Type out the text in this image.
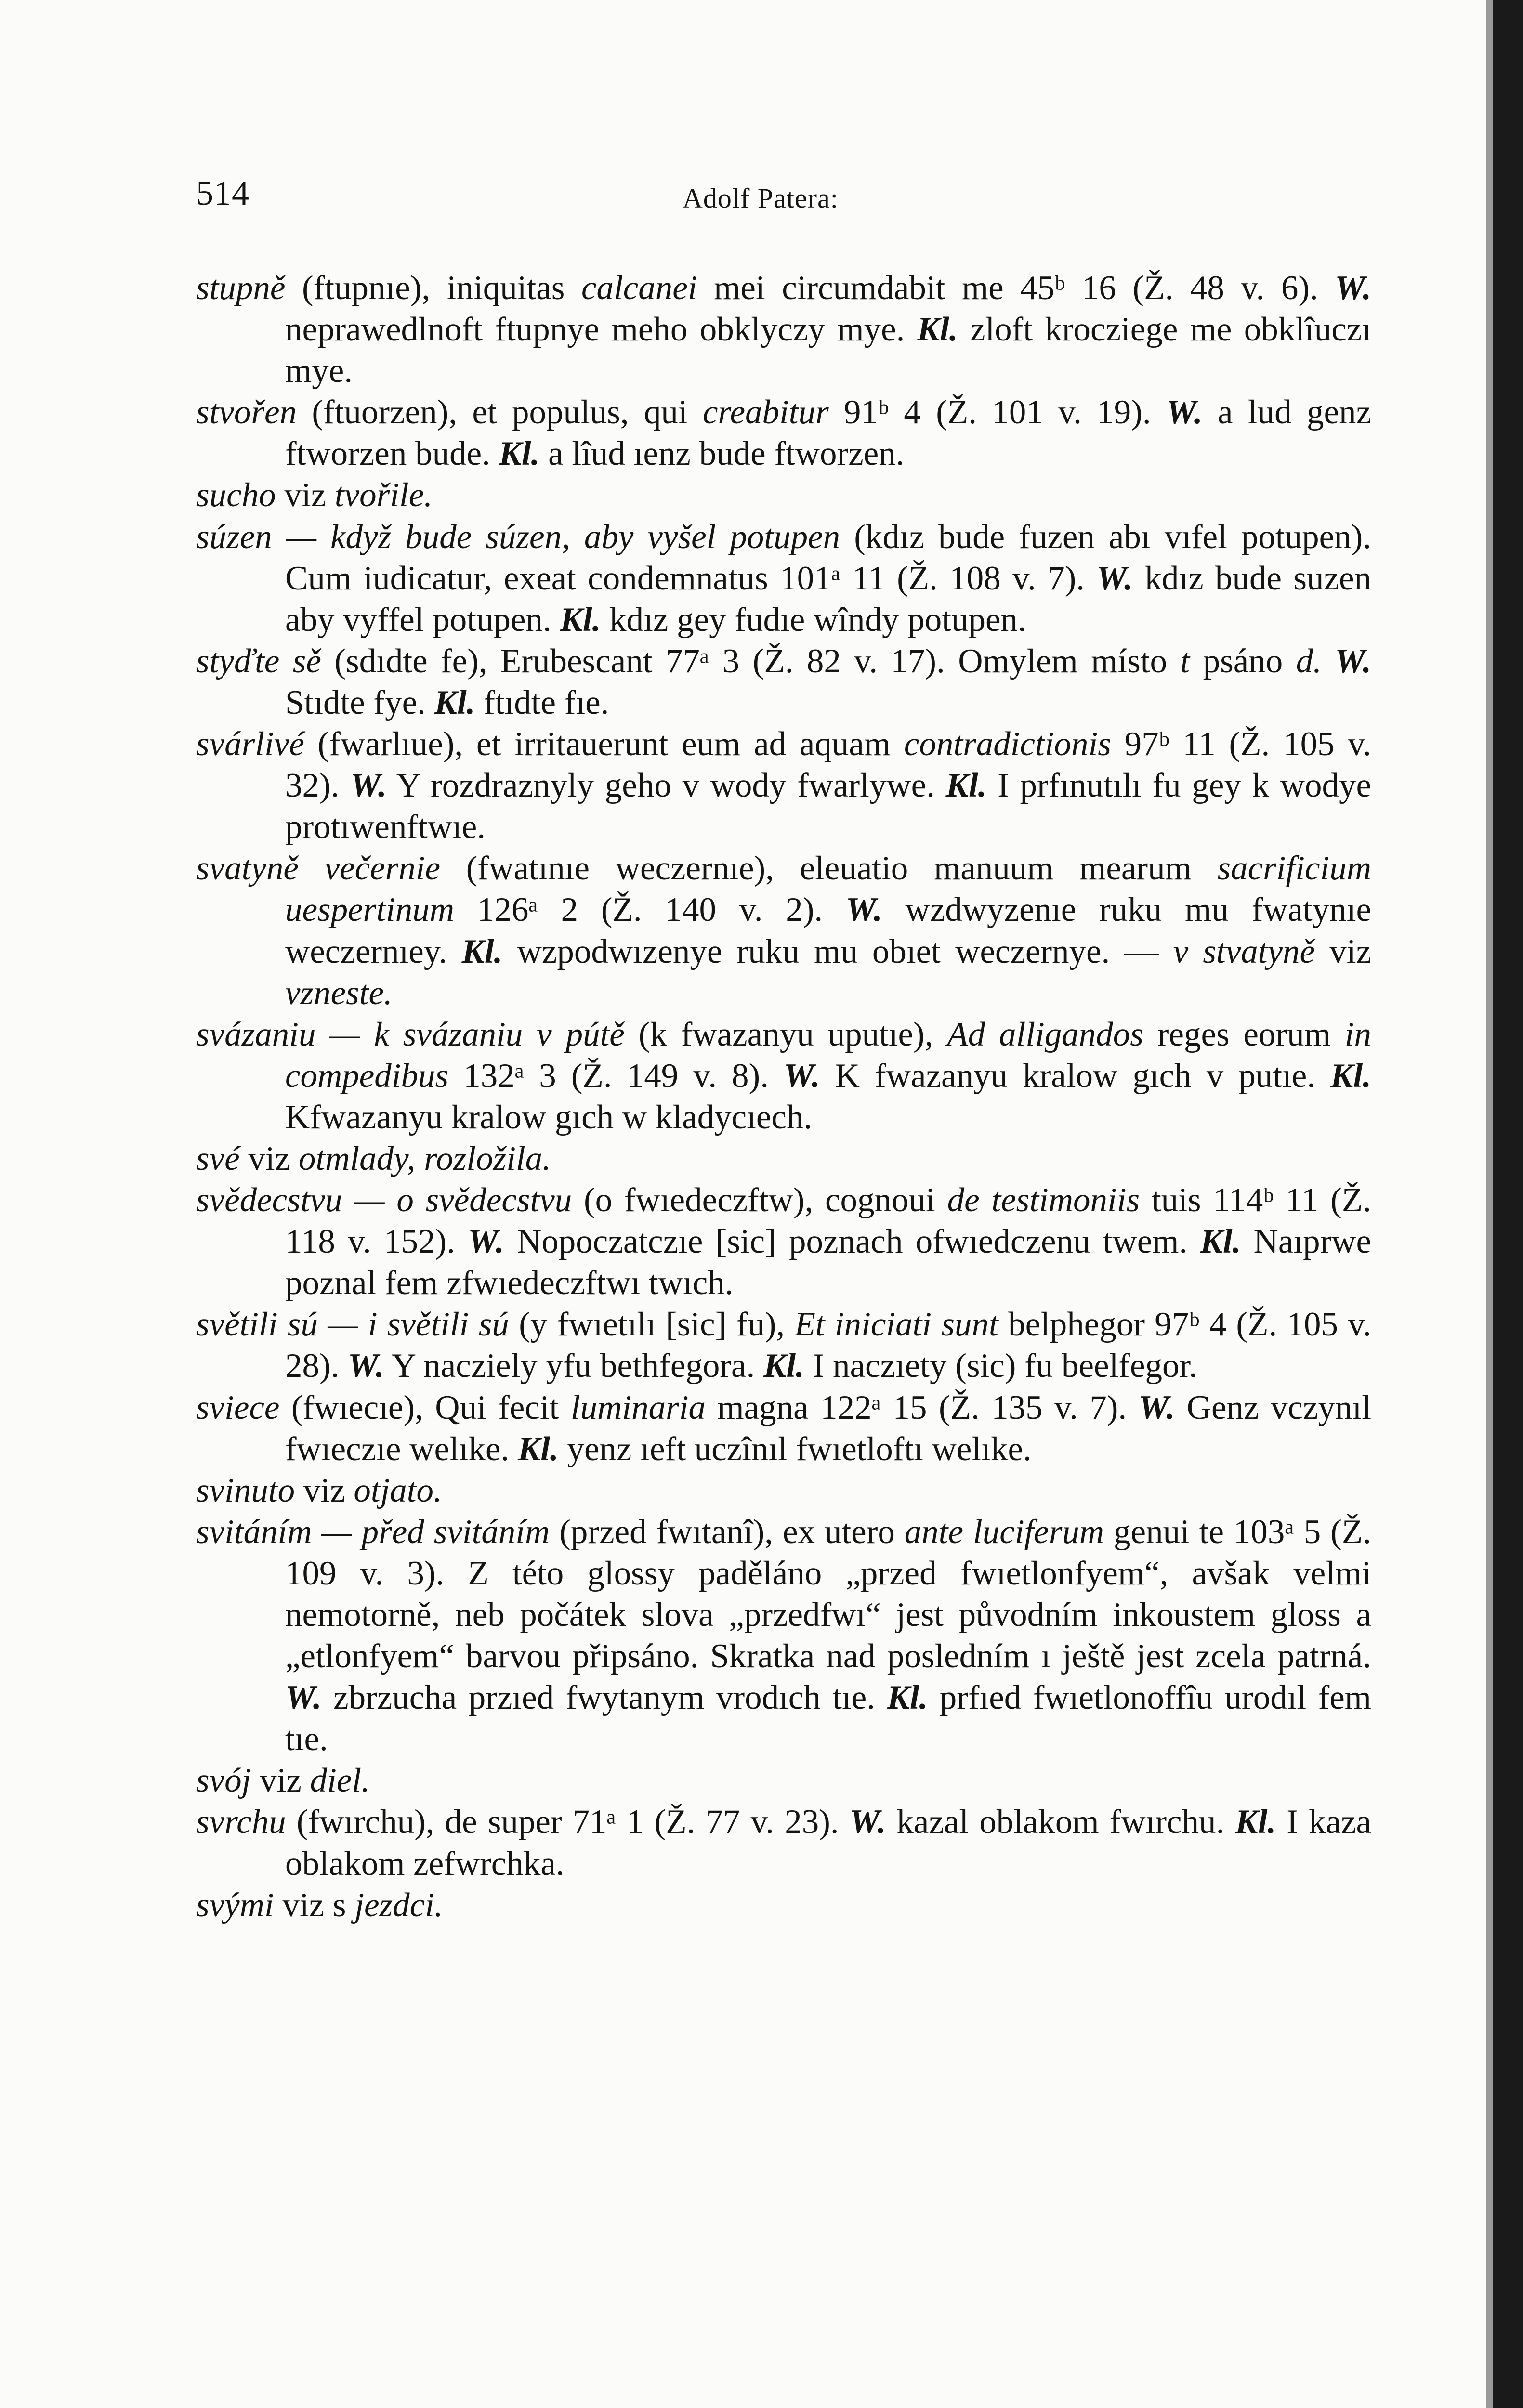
514	Adolf Patera:

stupně (ftupnıe), iniquitas calcanei mei circumdabit me 45ᵇ 16 (Ž. 48 v. 6). W. neprawedlnoft ftupnye meho obklyczy mye. Kl. zloft krocziege me obklîuczı mye.

stvořen (ftuorzen), et populus, qui creabitur 91ᵇ 4 (Ž. 101 v. 19). W. a lud genz ftworzen bude. Kl. a lîud ıenz bude ftworzen.

sucho viz tvořile.

súzen — když bude súzen, aby vyšel potupen (kdız bude fuzen abı vıfel potupen). Cum iudicatur, exeat condemnatus 101ᵃ 11 (Ž. 108 v. 7). W. kdız bude suzen aby vyffel potupen. Kl. kdız gey fudıe wîndy potupen.

styďte sě (sdıdte fe), Erubescant 77ᵃ 3 (Ž. 82 v. 17). Omylem místo t psáno d. W. Stıdte fye. Kl. ftıdte fıe.

svárlivé (fwarlıue), et irritauerunt eum ad aquam contradictionis 97ᵇ 11 (Ž. 105 v. 32). W. Y rozdraznyly geho v wody fwarlywe. Kl. I prfınutılı fu gey k wodye protıwenftwıe.

svatyně večernie (fwatınıe weczernıe), eleuatio manuum mearum sacrificium uespertinum 126ᵃ 2 (Ž. 140 v. 2). W. wzdwyzenıe ruku mu fwatynıe weczernıey. Kl. wzpodwızenye ruku mu obıet weczernye. — v stvatyně viz vzneste.

svázaniu — k svázaniu v pútě (k fwazanyu uputıe), Ad alligandos reges eorum in compedibus 132ᵃ 3 (Ž. 149 v. 8). W. K fwazanyu kralow gıch v putıe. Kl. Kfwazanyu kralow gıch w kladycıech.

své viz otmlady, rozložila.

svědecstvu — o svědecstvu (o fwıedeczftw), cognoui de testimoniis tuis 114ᵇ 11 (Ž. 118 v. 152). W. Nopoczatczıe [sic] poznach ofwıedczenu twem. Kl. Naıprwe poznal fem zfwıedeczftwı twıch.

světili sú — i světili sú (y fwıetılı [sic] fu), Et iniciati sunt belphegor 97ᵇ 4 (Ž. 105 v. 28). W. Y nacziely yfu bethfegora. Kl. I naczıety (sic) fu beelfegor.

sviece (fwıecıe), Qui fecit luminaria magna 122ᵃ 15 (Ž. 135 v. 7). W. Genz vczynıl fwıeczıe welıke. Kl. yenz ıeft uczînıl fwıetloftı welıke.

svinuto viz otjato.

svitáním — před svitáním (przed fwıtanî), ex utero ante luciferum genui te 103ᵃ 5 (Ž. 109 v. 3). Z této glossy paděláno „przed fwıetlonfyem“, avšak velmi nemotorně, neb počátek slova „przedfwı“ jest původním inkoustem gloss a „etlonfyem“ barvou připsáno. Skratka nad posledním ı ještě jest zcela patrná. W. zbrzucha przıed fwytanym vrodıch tıe. Kl. prfıed fwıetlonoffîu urodıl fem tıe.

svój viz diel.

svrchu (fwırchu), de super 71ᵃ 1 (Ž. 77 v. 23). W. kazal oblakom fwırchu. Kl. I kaza oblakom zefwrchka.

svými viz s jezdci.
